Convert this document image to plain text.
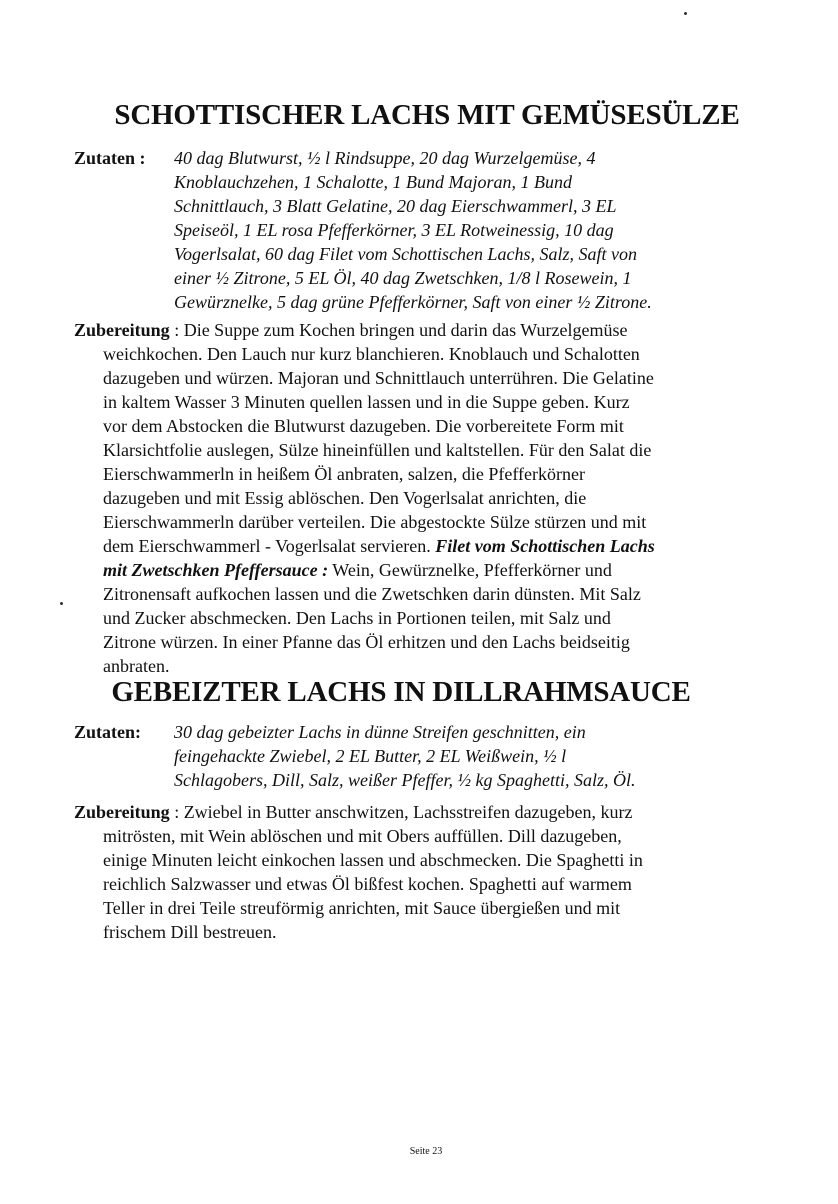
SCHOTTISCHER LACHS MIT GEMÜSESÜLZE
Zutaten : 40 dag Blutwurst, ½ l Rindsuppe, 20 dag Wurzelgemüse, 4
Knoblauchzehen, 1 Schalotte, 1 Bund Majoran, 1 Bund
Schnittlauch, 3 Blatt Gelatine, 20 dag Eierschwammerl, 3 EL
Speiseöl, 1 EL rosa Pfefferkörner, 3 EL Rotweinessig, 10 dag
Vogerlsalat, 60 dag Filet vom Schottischen Lachs, Salz, Saft von
einer ½ Zitrone, 5 EL Öl, 40 dag Zwetschken, 1/8 l Rosewein, 1
Gewürznelke, 5 dag grüne Pfefferkörner, Saft von einer ½ Zitrone.
Zubereitung : Die Suppe zum Kochen bringen und darin das Wurzelgemüse
weichkochen. Den Lauch nur kurz blanchieren. Knoblauch und Schalotten
dazugeben und würzen. Majoran und Schnittlauch unterrühren. Die Gelatine
in kaltem Wasser 3 Minuten quellen lassen und in die Suppe geben. Kurz
vor dem Abstocken die Blutwurst dazugeben. Die vorbereitete Form mit
Klarsichtfolie auslegen, Sülze hineinfüllen und kaltstellen. Für den Salat die
Eierschwammerln in heißem Öl anbraten, salzen, die Pfefferkörner
dazugeben und mit Essig ablöschen. Den Vogerlsalat anrichten, die
Eierschwammerln darüber verteilen. Die abgestockte Sülze stürzen und mit
dem Eierschwammerl - Vogerlsalat servieren. Filet vom Schottischen Lachs
mit Zwetschken Pfeffersauce : Wein, Gewürznelke, Pfefferkörner und
Zitronensaft aufkochen lassen und die Zwetschken darin dünsten. Mit Salz
und Zucker abschmecken. Den Lachs in Portionen teilen, mit Salz und
Zitrone würzen. In einer Pfanne das Öl erhitzen und den Lachs beidseitig
anbraten.
GEBEIZTER LACHS IN DILLRAHMSAUCE
Zutaten: 30 dag gebeizter Lachs in dünne Streifen geschnitten, ein
feingehackte Zwiebel, 2 EL Butter, 2 EL Weißwein, ½ l
Schlagobers, Dill, Salz, weißer Pfeffer, ½ kg Spaghetti, Salz, Öl.
Zubereitung : Zwiebel in Butter anschwitzen, Lachsstreifen dazugeben, kurz
mitrösten, mit Wein ablöschen und mit Obers auffüllen. Dill dazugeben,
einige Minuten leicht einkochen lassen und abschmecken. Die Spaghetti in
reichlich Salzwasser und etwas Öl bißfest kochen. Spaghetti auf warmem
Teller in drei Teile streuförmig anrichten, mit Sauce übergießen und mit
frischem Dill bestreuen.
Seite 23
